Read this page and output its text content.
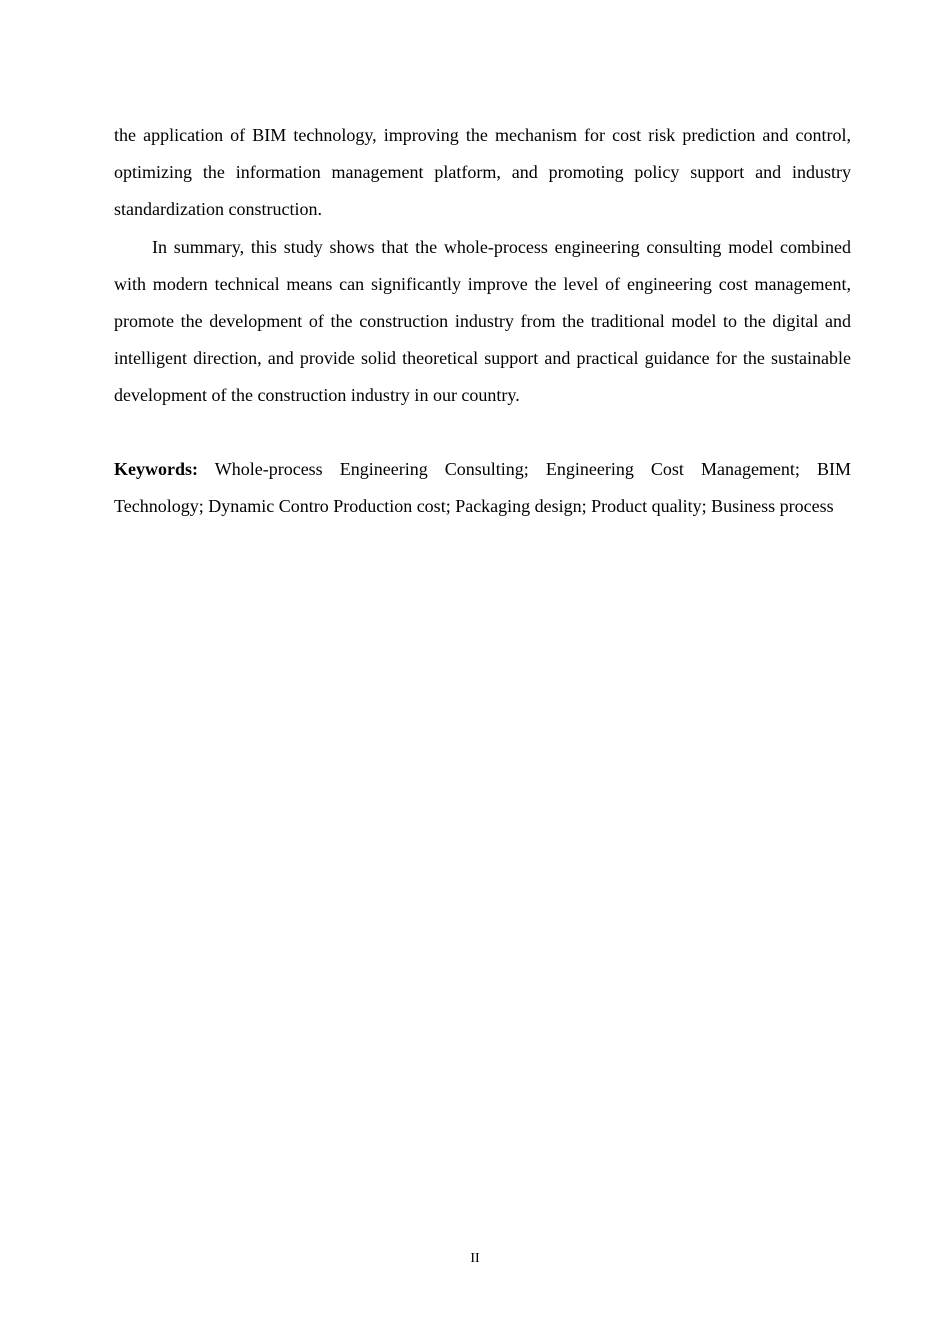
the application of BIM technology, improving the mechanism for cost risk prediction and control, optimizing the information management platform, and promoting policy support and industry standardization construction.

In summary, this study shows that the whole-process engineering consulting model combined with modern technical means can significantly improve the level of engineering cost management, promote the development of the construction industry from the traditional model to the digital and intelligent direction, and provide solid theoretical support and practical guidance for the sustainable development of the construction industry in our country.

Keywords: Whole-process Engineering Consulting; Engineering Cost Management; BIM Technology; Dynamic Contro Production cost; Packaging design; Product quality; Business process

II
